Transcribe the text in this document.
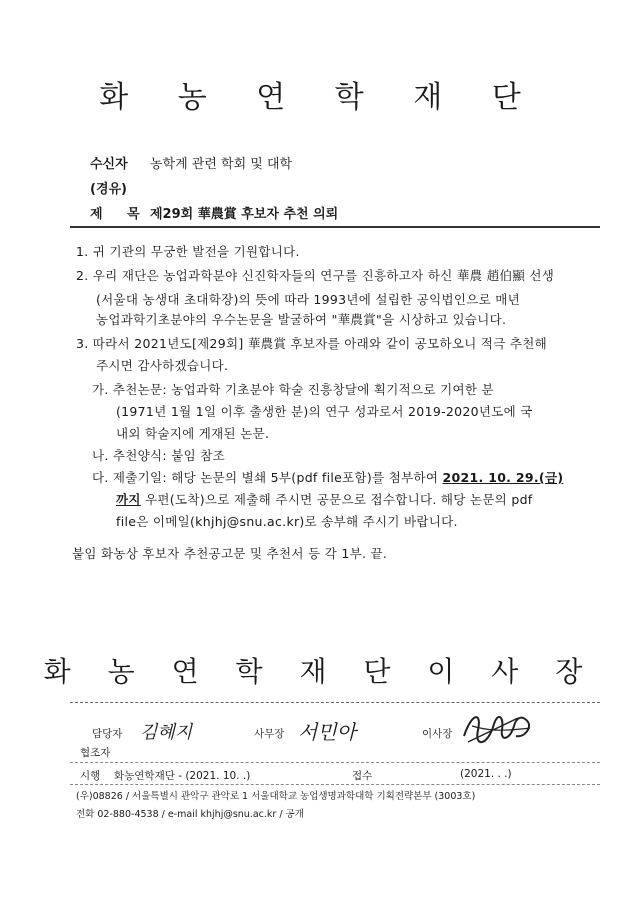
화 농 연 학 재 단
수신자 농학계 관련 학회 및 대학
(경유)
제 목 제29회 華農賞 후보자 추천 의뢰
1. 귀 기관의 무궁한 발전을 기원합니다.
2. 우리 재단은 농업과학분야 신진학자들의 연구를 진흥하고자 하신 華農 趙伯顯 선생
(서울대 농생대 초대학장)의 뜻에 따라 1993년에 설립한 공익법인으로 매년
농업과학기초분야의 우수논문을 발굴하여 "華農賞"을 시상하고 있습니다.
3. 따라서 2021년도[제29회] 華農賞 후보자를 아래와 같이 공모하오니 적극 추천해
주시면 감사하겠습니다.
가. 추천논문: 농업과학 기초분야 학술 진흥창달에 획기적으로 기여한 분
(1971년 1월 1일 이후 출생한 분)의 연구 성과로서 2019-2020년도에 국
내외 학술지에 게재된 논문.
나. 추천양식: 붙임 참조
다. 제출기일: 해당 논문의 별쇄 5부(pdf file포함)를 첨부하여 2021. 10. 29.(금)
까지 우편(도착)으로 제출해 주시면 공문으로 접수합니다. 해당 논문의 pdf
file은 이메일(khjhj@snu.ac.kr)로 송부해 주시기 바랍니다.
붙임 화농상 후보자 추천공고문 및 추천서 등 각 1부. 끝.
화 농 연 학 재 단 이 사 장
담당자 김혜지	사무장 서민아	이사장
협조자
시행 화농연학재단 - (2021. 10. .)	접수	(2021. . .)
(우)08826 / 서울특별시 관악구 관악로 1 서울대학교 농업생명과학대학 기획전략본부 (3003호)
전화 02-880-4538 / e-mail khjhj@snu.ac.kr / 공개
